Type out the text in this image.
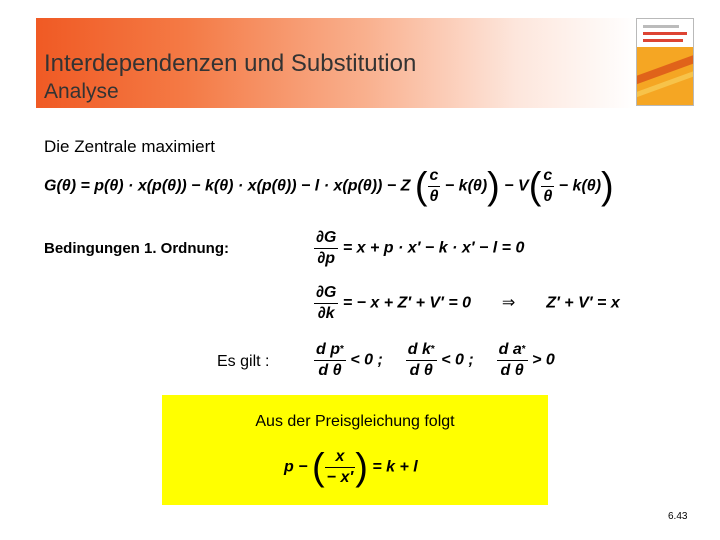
Interdependenzen und Substitution
Analyse
Die Zentrale maximiert
G(θ) = p(θ) · x(p(θ)) − k(θ) · x(p(θ)) − l · x(p(θ)) − Z ( $\frac{c}{\theta} - k(\theta)) - V( \frac{c}{\theta} - k(\theta))$
Bedingungen 1. Ordnung:	$\frac{\partial G}{\partial p} = x + p \cdot x' - k \cdot x' - l = 0$
$\frac{\partial G}{\partial k}$ = − x + Z′ + V′ = 0 ⇒ Z′ + V′ = x
Es gilt :	$\frac{d p^*}{\text{d θ}} < 0$ ; $\frac{d k^*}{\text{d θ}} < 0$ ; $\frac{d a^*}{\text{d θ}} > 0$
Aus der Preisgleichung folgt
p − ( $\frac{x}{- x'}$ ) = k + l
6.43
